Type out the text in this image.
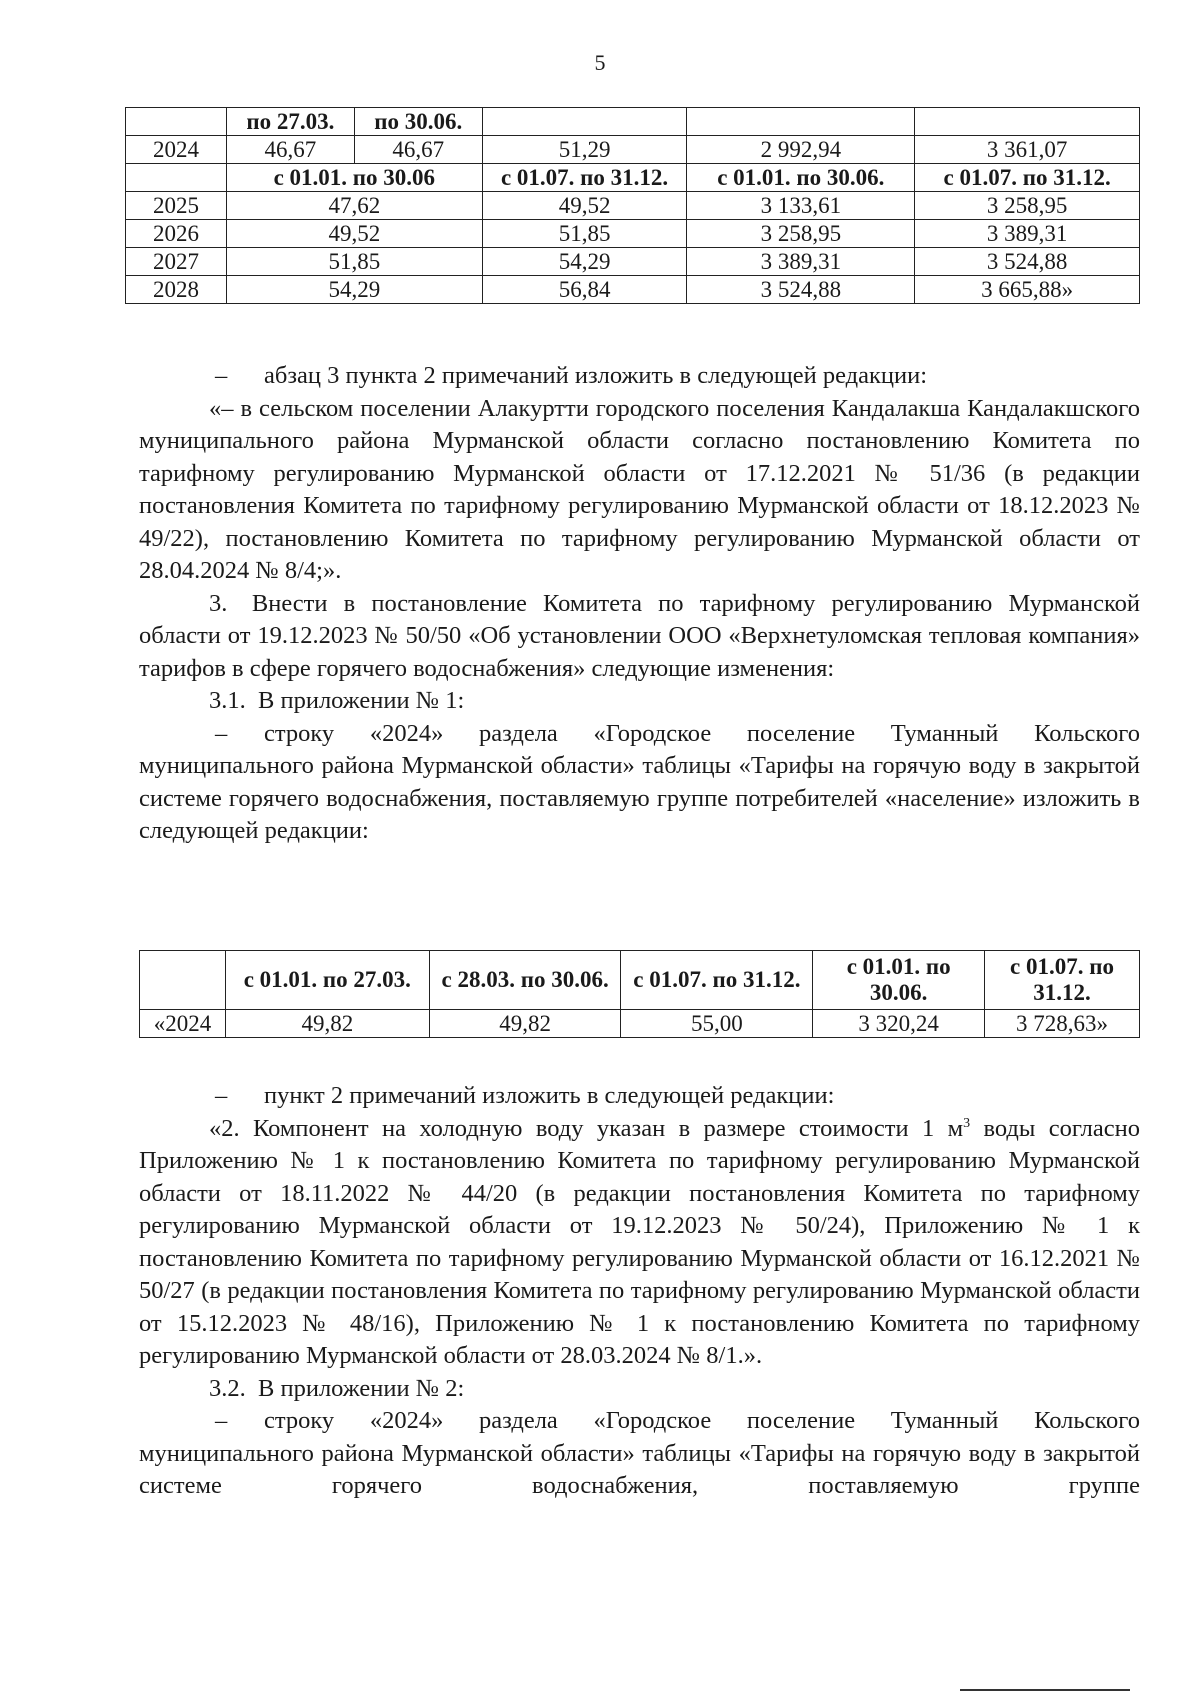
5
	по 27.03.	по 30.06.			
2024	46,67	46,67	51,29	2 992,94	3 361,07
	с 01.01. по 30.06		с 01.07. по 31.12.	с 01.01. по 30.06.	с 01.07. по 31.12.
2025	47,62		49,52	3 133,61	3 258,95
2026	49,52		51,85	3 258,95	3 389,31
2027	51,85		54,29	3 389,31	3 524,88
2028	54,29		56,84	3 524,88	3 665,88»

–  абзац 3 пункта 2 примечаний изложить в следующей редакции:

«– в сельском поселении Алакуртти городского поселения Кандалакша Кандалакшского муниципального района Мурманской области согласно постановлению Комитета по тарифному регулированию Мурманской области от 17.12.2021 № 51/36 (в редакции постановления Комитета по тарифному регулированию Мурманской области от 18.12.2023 № 49/22), постановлению Комитета по тарифному регулированию Мурманской области от 28.04.2024 № 8/4;».

3. Внести в постановление Комитета по тарифному регулированию Мурманской области от 19.12.2023 № 50/50 «Об установлении ООО «Верхнетуломская тепловая компания» тарифов в сфере горячего водоснабжения» следующие изменения:

3.1. В приложении № 1:

–  строку «2024» раздела «Городское поселение Туманный Кольского муниципального района Мурманской области» таблицы «Тарифы на горячую воду в закрытой системе горячего водоснабжения, поставляемую группе потребителей «население» изложить в следующей редакции:

	с 01.01. по 27.03.	с 28.03. по 30.06.	с 01.07. по 31.12.	с 01.01. по 30.06.	с 01.07. по 31.12.
«2024	49,82	49,82	55,00	3 320,24	3 728,63»

–  пункт 2 примечаний изложить в следующей редакции:

«2. Компонент на холодную воду указан в размере стоимости 1 $м^3$ воды согласно Приложению № 1 к постановлению Комитета по тарифному регулированию Мурманской области от 18.11.2022 № 44/20 (в редакции постановления Комитета по тарифному регулированию Мурманской области от 19.12.2023 № 50/24), Приложению № 1 к постановлению Комитета по тарифному регулированию Мурманской области от 16.12.2021 № 50/27 (в редакции постановления Комитета по тарифному регулированию Мурманской области от 15.12.2023 № 48/16), Приложению № 1 к постановлению Комитета по тарифному регулированию Мурманской области от 28.03.2024 № 8/1.».

3.2. В приложении № 2:

–  строку «2024» раздела «Городское поселение Туманный Кольского муниципального района Мурманской области» таблицы «Тарифы на горячую воду в закрытой системе горячего водоснабжения, поставляемую группе
